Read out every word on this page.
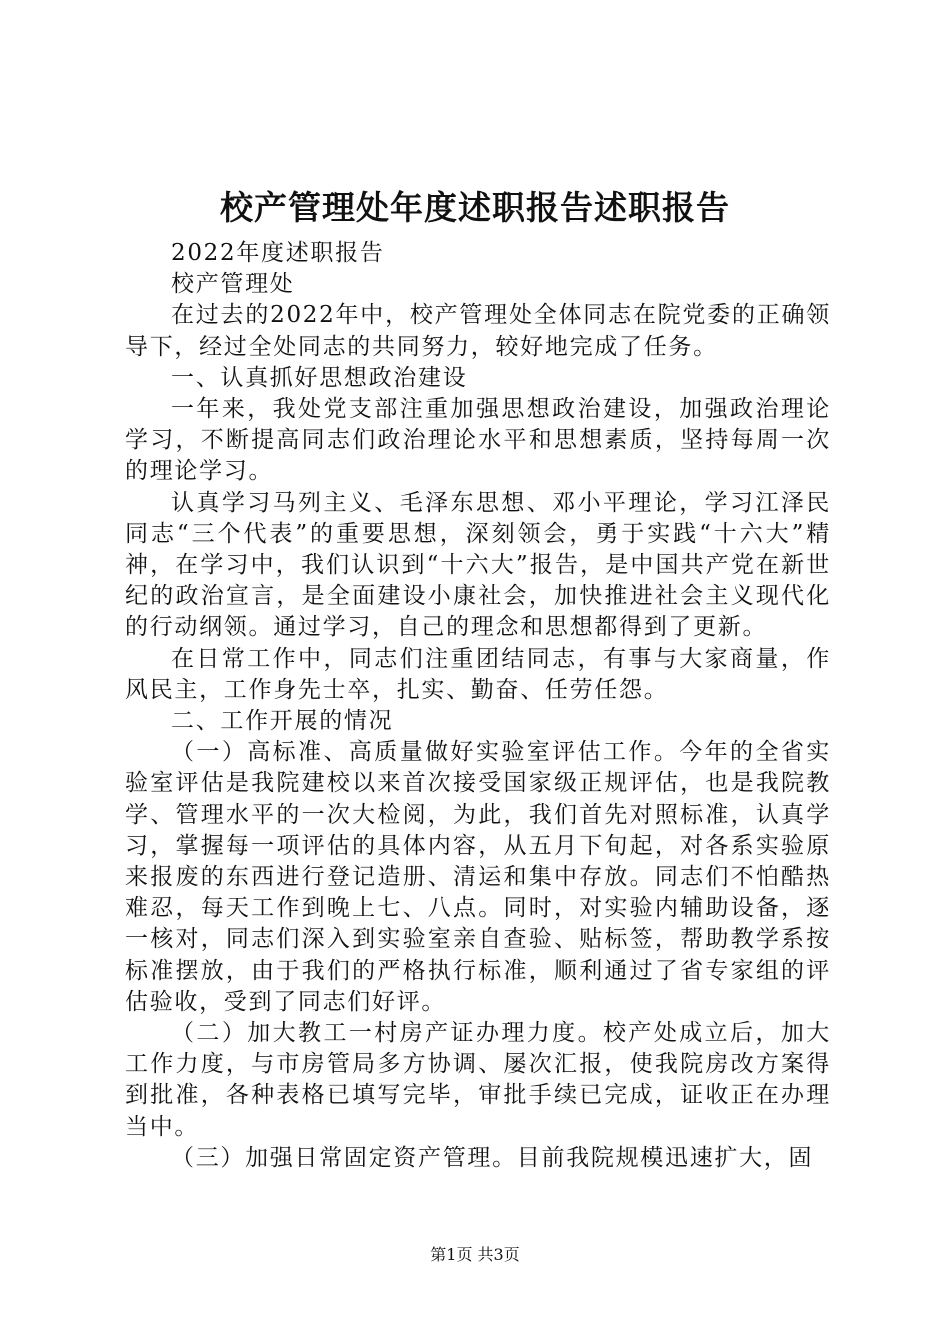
校产管理处年度述职报告述职报告

2022年度述职报告

校产管理处

在过去的2022年中，校产管理处全体同志在院党委的正确领导下，经过全处同志的共同努力，较好地完成了任务。

一、认真抓好思想政治建设

一年来，我处党支部注重加强思想政治建设，加强政治理论学习，不断提高同志们政治理论水平和思想素质，坚持每周一次的理论学习。

认真学习马列主义、毛泽东思想、邓小平理论，学习江泽民同志“三个代表”的重要思想，深刻领会，勇于实践“十六大”精神，在学习中，我们认识到“十六大”报告，是中国共产党在新世纪的政治宣言，是全面建设小康社会，加快推进社会主义现代化的行动纲领。通过学习，自己的理念和思想都得到了更新。

在日常工作中，同志们注重团结同志，有事与大家商量，作风民主，工作身先士卒，扎实、勤奋、任劳任怨。

二、工作开展的情况

（一）高标准、高质量做好实验室评估工作。今年的全省实验室评估是我院建校以来首次接受国家级正规评估，也是我院教学、管理水平的一次大检阅，为此，我们首先对照标准，认真学习，掌握每一项评估的具体内容，从五月下旬起，对各系实验原来报废的东西进行登记造册、清运和集中存放。同志们不怕酷热难忍，每天工作到晚上七、八点。同时，对实验内辅助设备，逐一核对，同志们深入到实验室亲自查验、贴标签，帮助教学系按标准摆放，由于我们的严格执行标准，顺利通过了省专家组的评估验收，受到了同志们好评。

（二）加大教工一村房产证办理力度。校产处成立后，加大工作力度，与市房管局多方协调、屡次汇报，使我院房改方案得到批准，各种表格已填写完毕，审批手续已完成，证收正在办理当中。

（三）加强日常固定资产管理。目前我院规模迅速扩大，固

第1页 共3页
